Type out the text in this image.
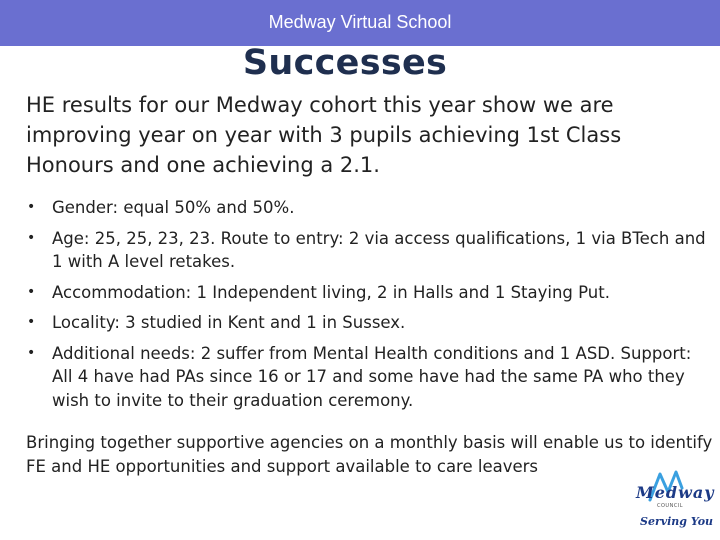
Medway Virtual School
Successes
HE results for our Medway cohort this year show we are improving year on year with 3 pupils achieving 1st Class Honours and one achieving a 2.1.
• Gender: equal 50% and 50%.
• Age: 25, 25, 23, 23. Route to entry: 2 via access qualifications, 1 via BTech and 1 with A level retakes.
• Accommodation: 1 Independent living, 2 in Halls and 1 Staying Put.
• Locality: 3 studied in Kent and 1 in Sussex.
• Additional needs: 2 suffer from Mental Health conditions and 1 ASD. Support: All 4 have had PAs since 16 or 17 and some have had the same PA who they wish to invite to their graduation ceremony.
Bringing together supportive agencies on a monthly basis will enable us to identify FE and HE opportunities and support available to care leavers
Medway
COUNCIL
Serving You
